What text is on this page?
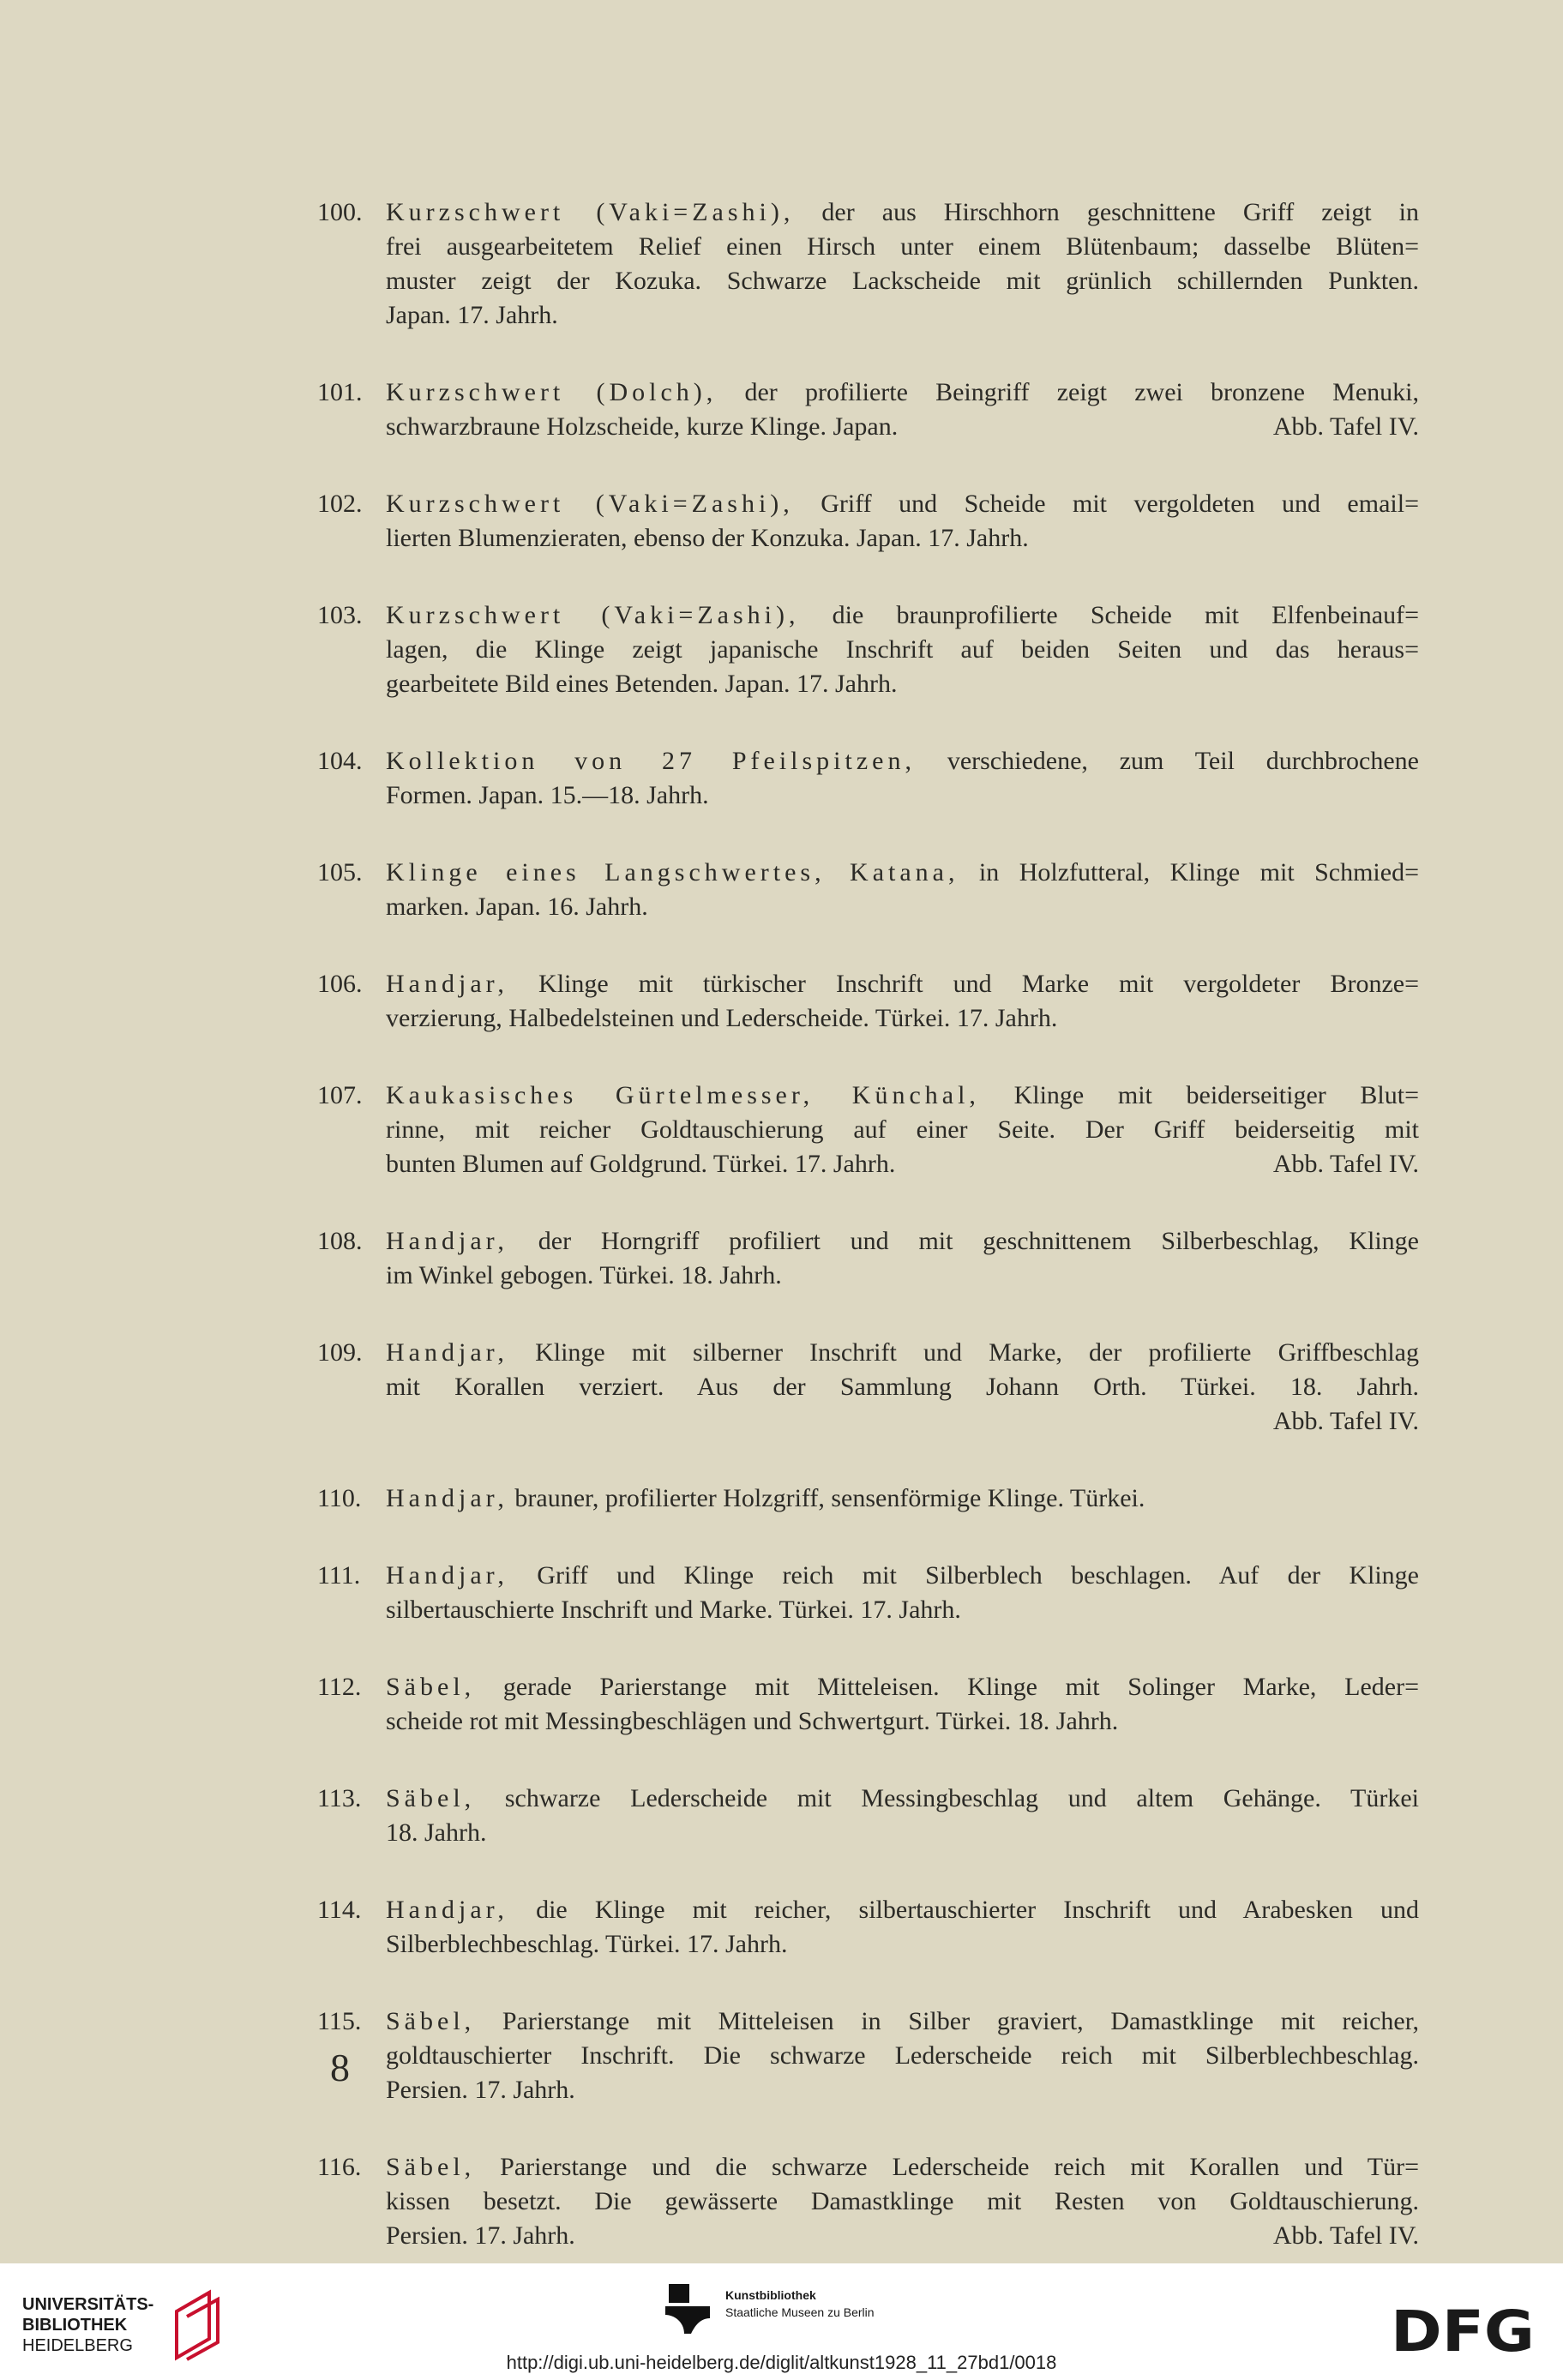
100. Kurzschwert (Vaki=Zashi), der aus Hirschhorn geschnittene Griff zeigt in
frei ausgearbeitetem Relief einen Hirsch unter einem Blütenbaum; dasselbe Blüten=
muster zeigt der Kozuka. Schwarze Lackscheide mit grünlich schillernden Punkten.
Japan. 17. Jahrh.
101. Kurzschwert (Dolch), der profilierte Beingriff zeigt zwei bronzene Menuki,
schwarzbraune Holzscheide, kurze Klinge. Japan.	Abb. Tafel IV.
102. Kurzschwert (Vaki=Zashi), Griff und Scheide mit vergoldeten und email=
lierten Blumenzieraten, ebenso der Konzuka. Japan. 17. Jahrh.
103. Kurzschwert (Vaki=Zashi), die braunprofilierte Scheide mit Elfenbeinauf=
lagen, die Klinge zeigt japanische Inschrift auf beiden Seiten und das heraus=
gearbeitete Bild eines Betenden. Japan. 17. Jahrh.
104. Kollektion von 27 Pfeilspitzen, verschiedene, zum Teil durchbrochene
Formen. Japan. 15.—18. Jahrh.
105. Klinge eines Langschwertes, Katana, in Holzfutteral, Klinge mit Schmied=
marken. Japan. 16. Jahrh.
106. Handjar, Klinge mit türkischer Inschrift und Marke mit vergoldeter Bronze=
verzierung, Halbedelsteinen und Lederscheide. Türkei. 17. Jahrh.
107. Kaukasisches Gürtelmesser, Künchal, Klinge mit beiderseitiger Blut=
rinne, mit reicher Goldtauschierung auf einer Seite. Der Griff beiderseitig mit
bunten Blumen auf Goldgrund. Türkei. 17. Jahrh.	Abb. Tafel IV.
108. Handjar, der Horngriff profiliert und mit geschnittenem Silberbeschlag, Klinge
im Winkel gebogen. Türkei. 18. Jahrh.
109. Handjar, Klinge mit silberner Inschrift und Marke, der profilierte Griffbeschlag
mit Korallen verziert. Aus der Sammlung Johann Orth. Türkei. 18. Jahrh.
Abb. Tafel IV.
110. Handjar, brauner, profilierter Holzgriff, sensenförmige Klinge. Türkei.
111. Handjar, Griff und Klinge reich mit Silberblech beschlagen. Auf der Klinge
silbertauschierte Inschrift und Marke. Türkei. 17. Jahrh.
112. Säbel, gerade Parierstange mit Mitteleisen. Klinge mit Solinger Marke, Leder=
scheide rot mit Messingbeschlägen und Schwertgurt. Türkei. 18. Jahrh.
113. Säbel, schwarze Lederscheide mit Messingbeschlag und altem Gehänge. Türkei
18. Jahrh.
114. Handjar, die Klinge mit reicher, silbertauschierter Inschrift und Arabesken und
Silberblechbeschlag. Türkei. 17. Jahrh.
115. Säbel, Parierstange mit Mitteleisen in Silber graviert, Damastklinge mit reicher,
goldtauschierter Inschrift. Die schwarze Lederscheide reich mit Silberblechbeschlag.
Persien. 17. Jahrh.
116. Säbel, Parierstange und die schwarze Lederscheide reich mit Korallen und Tür=
kissen besetzt. Die gewässerte Damastklinge mit Resten von Goldtauschierung.
Persien. 17. Jahrh.	Abb. Tafel IV.
8
UNIVERSITÄTS-
BIBLIOTHEK
HEIDELBERG
Kunstbibliothek
Staatliche Museen zu Berlin	DFG
http://digi.ub.uni-heidelberg.de/diglit/altkunst1928_11_27bd1/0018
